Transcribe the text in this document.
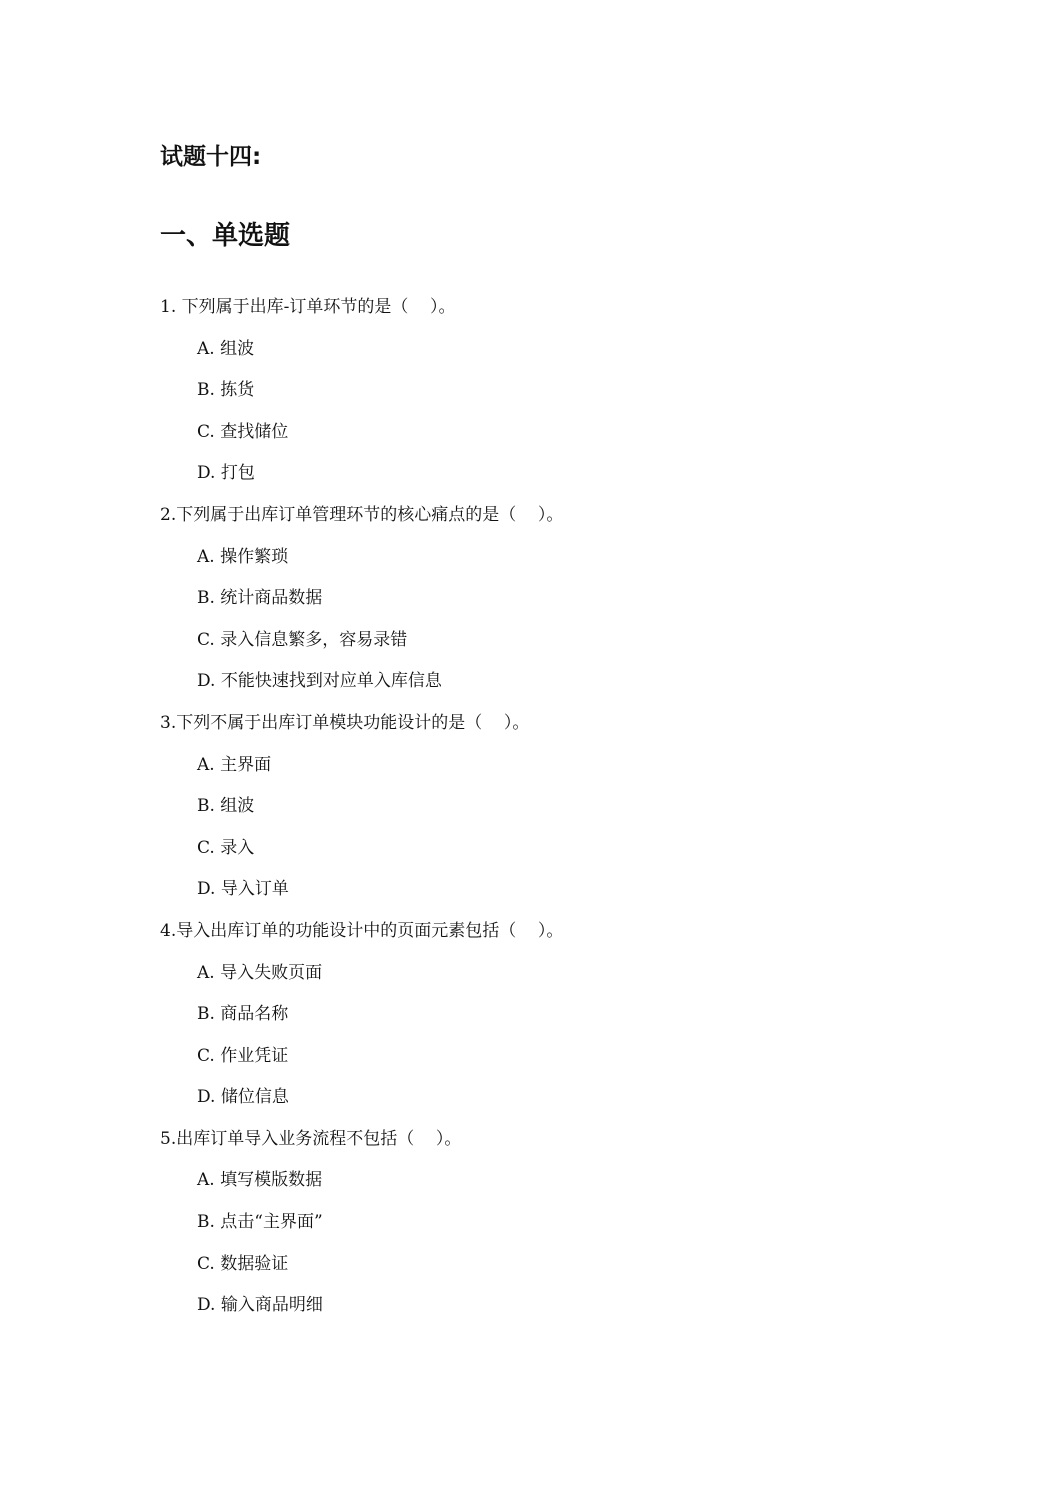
试题十四:
一、单选题
1. 下列属于出库-订单环节的是（    ）。
A. 组波
B. 拣货
C. 查找储位
D. 打包
2.下列属于出库订单管理环节的核心痛点的是（    ）。
A. 操作繁琐
B. 统计商品数据
C. 录入信息繁多，容易录错
D. 不能快速找到对应单入库信息
3.下列不属于出库订单模块功能设计的是（    ）。
A. 主界面
B. 组波
C. 录入
D. 导入订单
4.导入出库订单的功能设计中的页面元素包括（    ）。
A. 导入失败页面
B. 商品名称
C. 作业凭证
D. 储位信息
5.出库订单导入业务流程不包括（    ）。
A. 填写模版数据
B. 点击“主界面”
C. 数据验证
D. 输入商品明细
